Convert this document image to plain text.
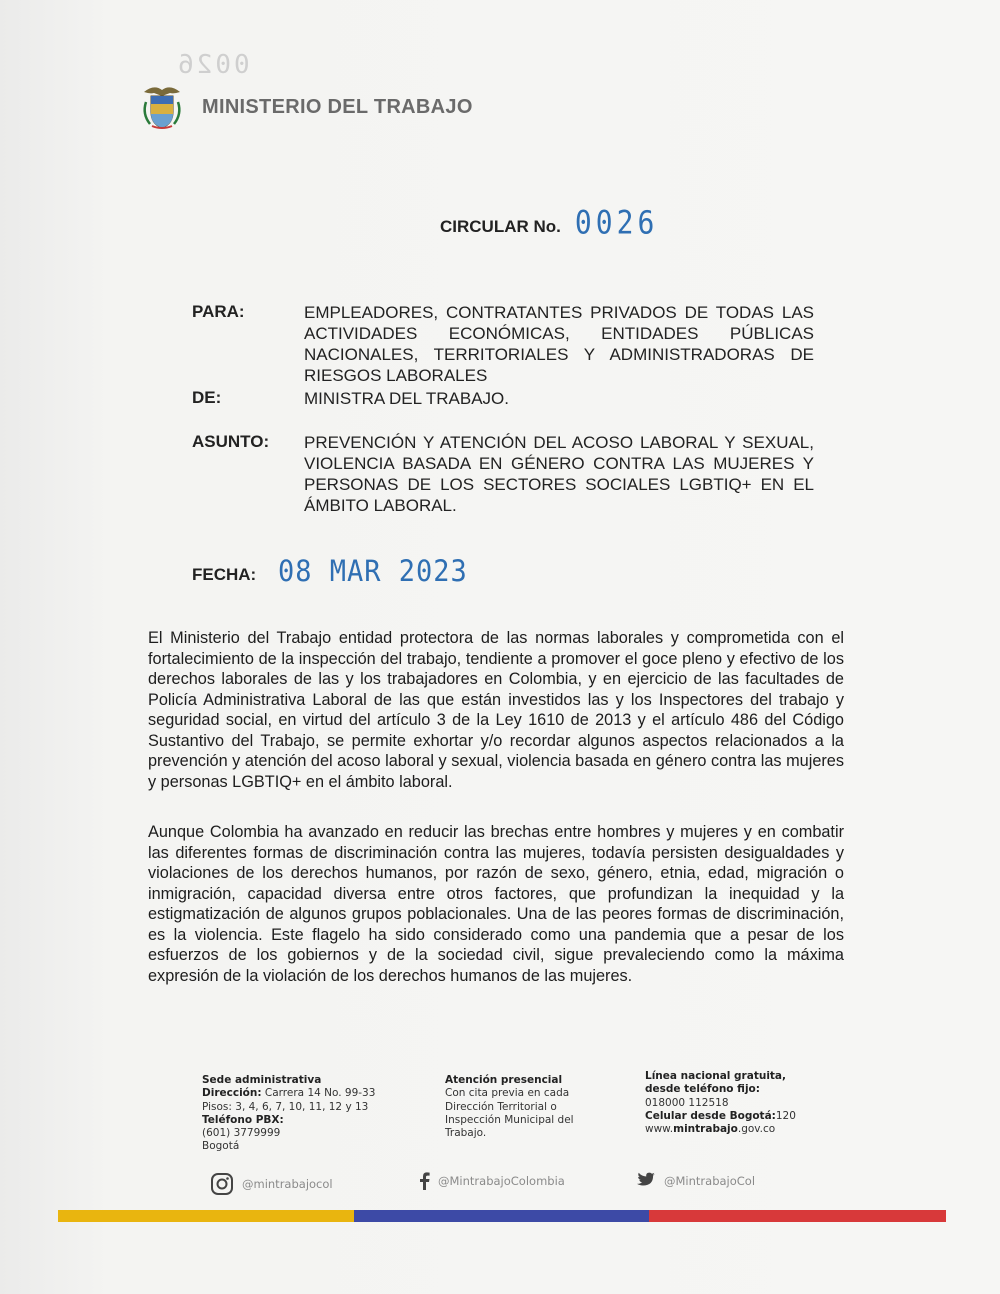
0026
MINISTERIO DEL TRABAJO
CIRCULAR No. 0026
PARA:	EMPLEADORES, CONTRATANTES PRIVADOS DE TODAS LAS ACTIVIDADES ECONÓMICAS, ENTIDADES PÚBLICAS NACIONALES, TERRITORIALES Y ADMINISTRADORAS DE RIESGOS LABORALES
DE:	MINISTRA DEL TRABAJO.
ASUNTO:	PREVENCIÓN Y ATENCIÓN DEL ACOSO LABORAL Y SEXUAL, VIOLENCIA BASADA EN GÉNERO CONTRA LAS MUJERES Y PERSONAS DE LOS SECTORES SOCIALES LGBTIQ+ EN EL ÁMBITO LABORAL.
FECHA: 08 MAR 2023
El Ministerio del Trabajo entidad protectora de las normas laborales y comprometida con el fortalecimiento de la inspección del trabajo, tendiente a promover el goce pleno y efectivo de los derechos laborales de las y los trabajadores en Colombia, y en ejercicio de las facultades de Policía Administrativa Laboral de las que están investidos las y los Inspectores del trabajo y seguridad social, en virtud del artículo 3 de la Ley 1610 de 2013 y el artículo 486 del Código Sustantivo del Trabajo, se permite exhortar y/o recordar algunos aspectos relacionados a la prevención y atención del acoso laboral y sexual, violencia basada en género contra las mujeres y personas LGBTIQ+ en el ámbito laboral.
Aunque Colombia ha avanzado en reducir las brechas entre hombres y mujeres y en combatir las diferentes formas de discriminación contra las mujeres, todavía persisten desigualdades y violaciones de los derechos humanos, por razón de sexo, género, etnia, edad, migración o inmigración, capacidad diversa entre otros factores, que profundizan la inequidad y la estigmatización de algunos grupos poblacionales. Una de las peores formas de discriminación, es la violencia. Este flagelo ha sido considerado como una pandemia que a pesar de los esfuerzos de los gobiernos y de la sociedad civil, sigue prevaleciendo como la máxima expresión de la violación de los derechos humanos de las mujeres.
Sede administrativa
Dirección: Carrera 14 No. 99-33
Pisos: 3, 4, 6, 7, 10, 11, 12 y 13
Teléfono PBX:
(601) 3779999
Bogotá
Atención presencial
Con cita previa en cada
Dirección Territorial o
Inspección Municipal del
Trabajo.
Línea nacional gratuita,
desde teléfono fijo:
018000 112518
Celular desde Bogotá:120
www.mintrabajo.gov.co
@mintrabajocol	@MintrabajoColombia	@MintrabajoCol
